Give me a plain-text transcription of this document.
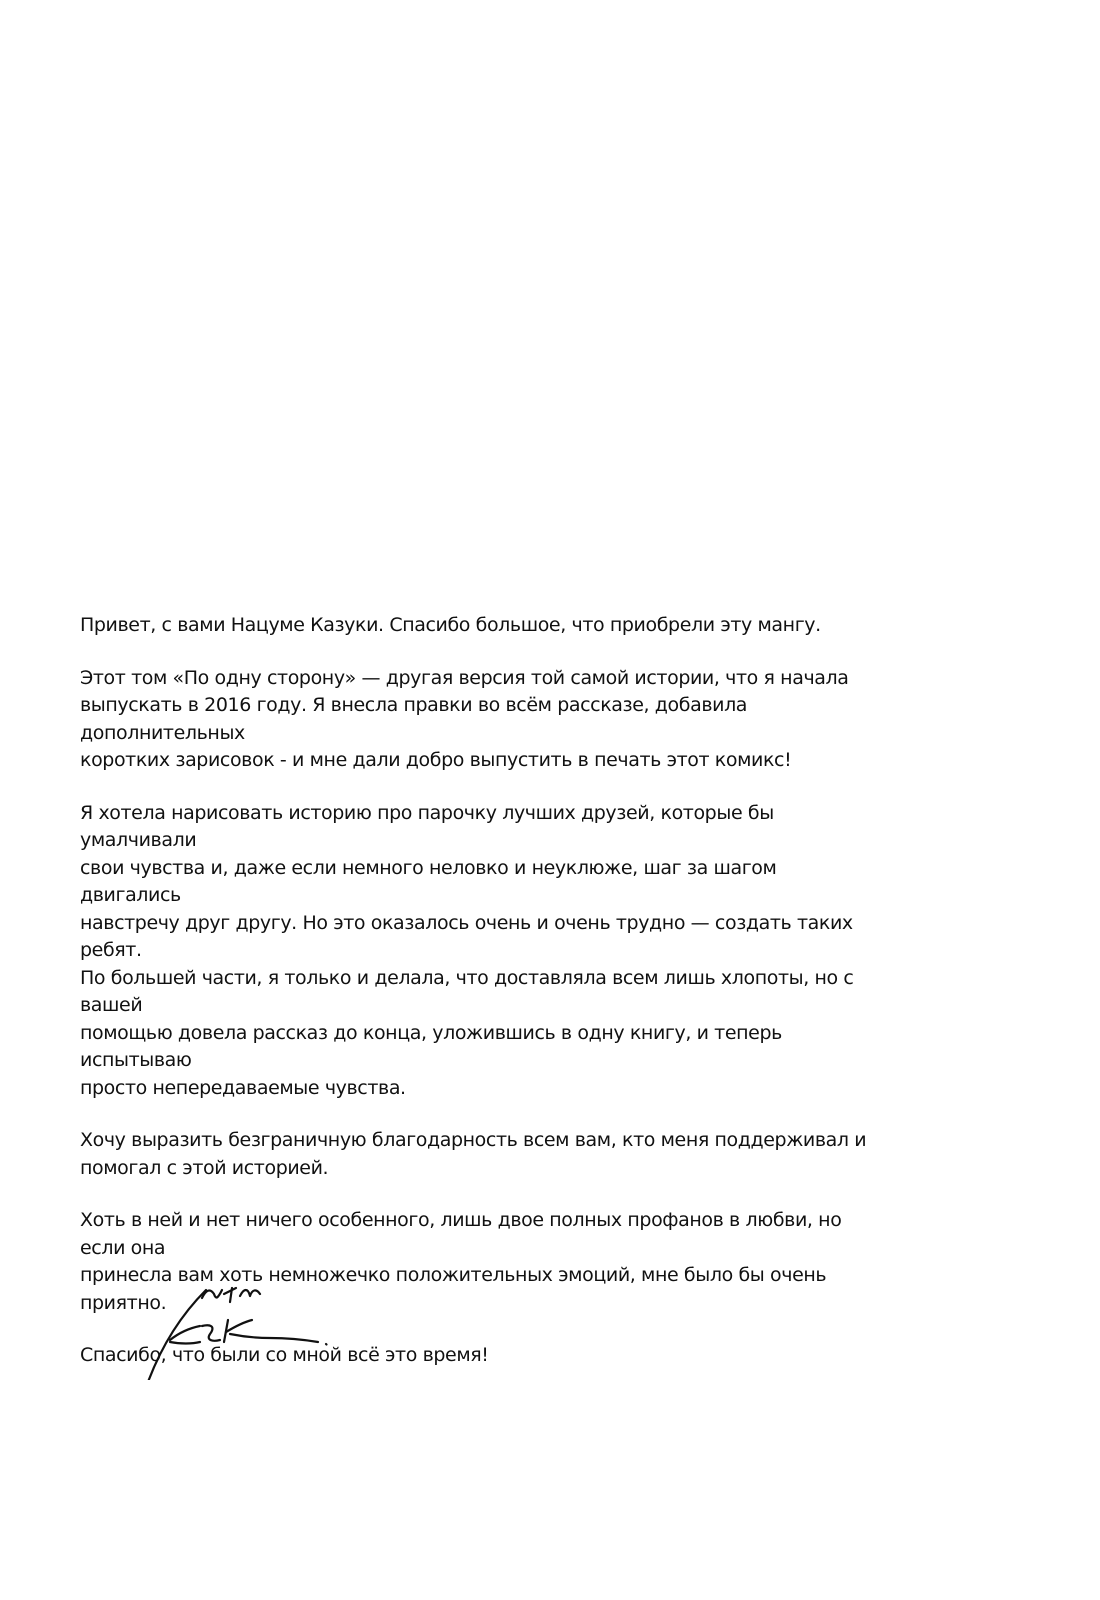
Привет, с вами Нацуме Казуки. Спасибо большое, что приобрели эту мангу.

Этот том «По одну сторону» — другая версия той самой истории, что я начала
выпускать в 2016 году. Я внесла правки во всём рассказе, добавила дополнительных
коротких зарисовок - и мне дали добро выпустить в печать этот комикс!

Я хотела нарисовать историю про парочку лучших друзей, которые бы умалчивали
свои чувства и, даже если немного неловко и неуклюже, шаг за шагом двигались
навстречу друг другу. Но это оказалось очень и очень трудно — создать таких ребят.
По большей части, я только и делала, что доставляла всем лишь хлопоты, но с вашей
помощью довела рассказ до конца, уложившись в одну книгу, и теперь испытываю
просто непередаваемые чувства.

Хочу выразить безграничную благодарность всем вам, кто меня поддерживал и
помогал с этой историей.

Хоть в ней и нет ничего особенного, лишь двое полных профанов в любви, но если она
принесла вам хоть немножечко положительных эмоций, мне было бы очень приятно.

Спасибо, что были со мной всё это время!
